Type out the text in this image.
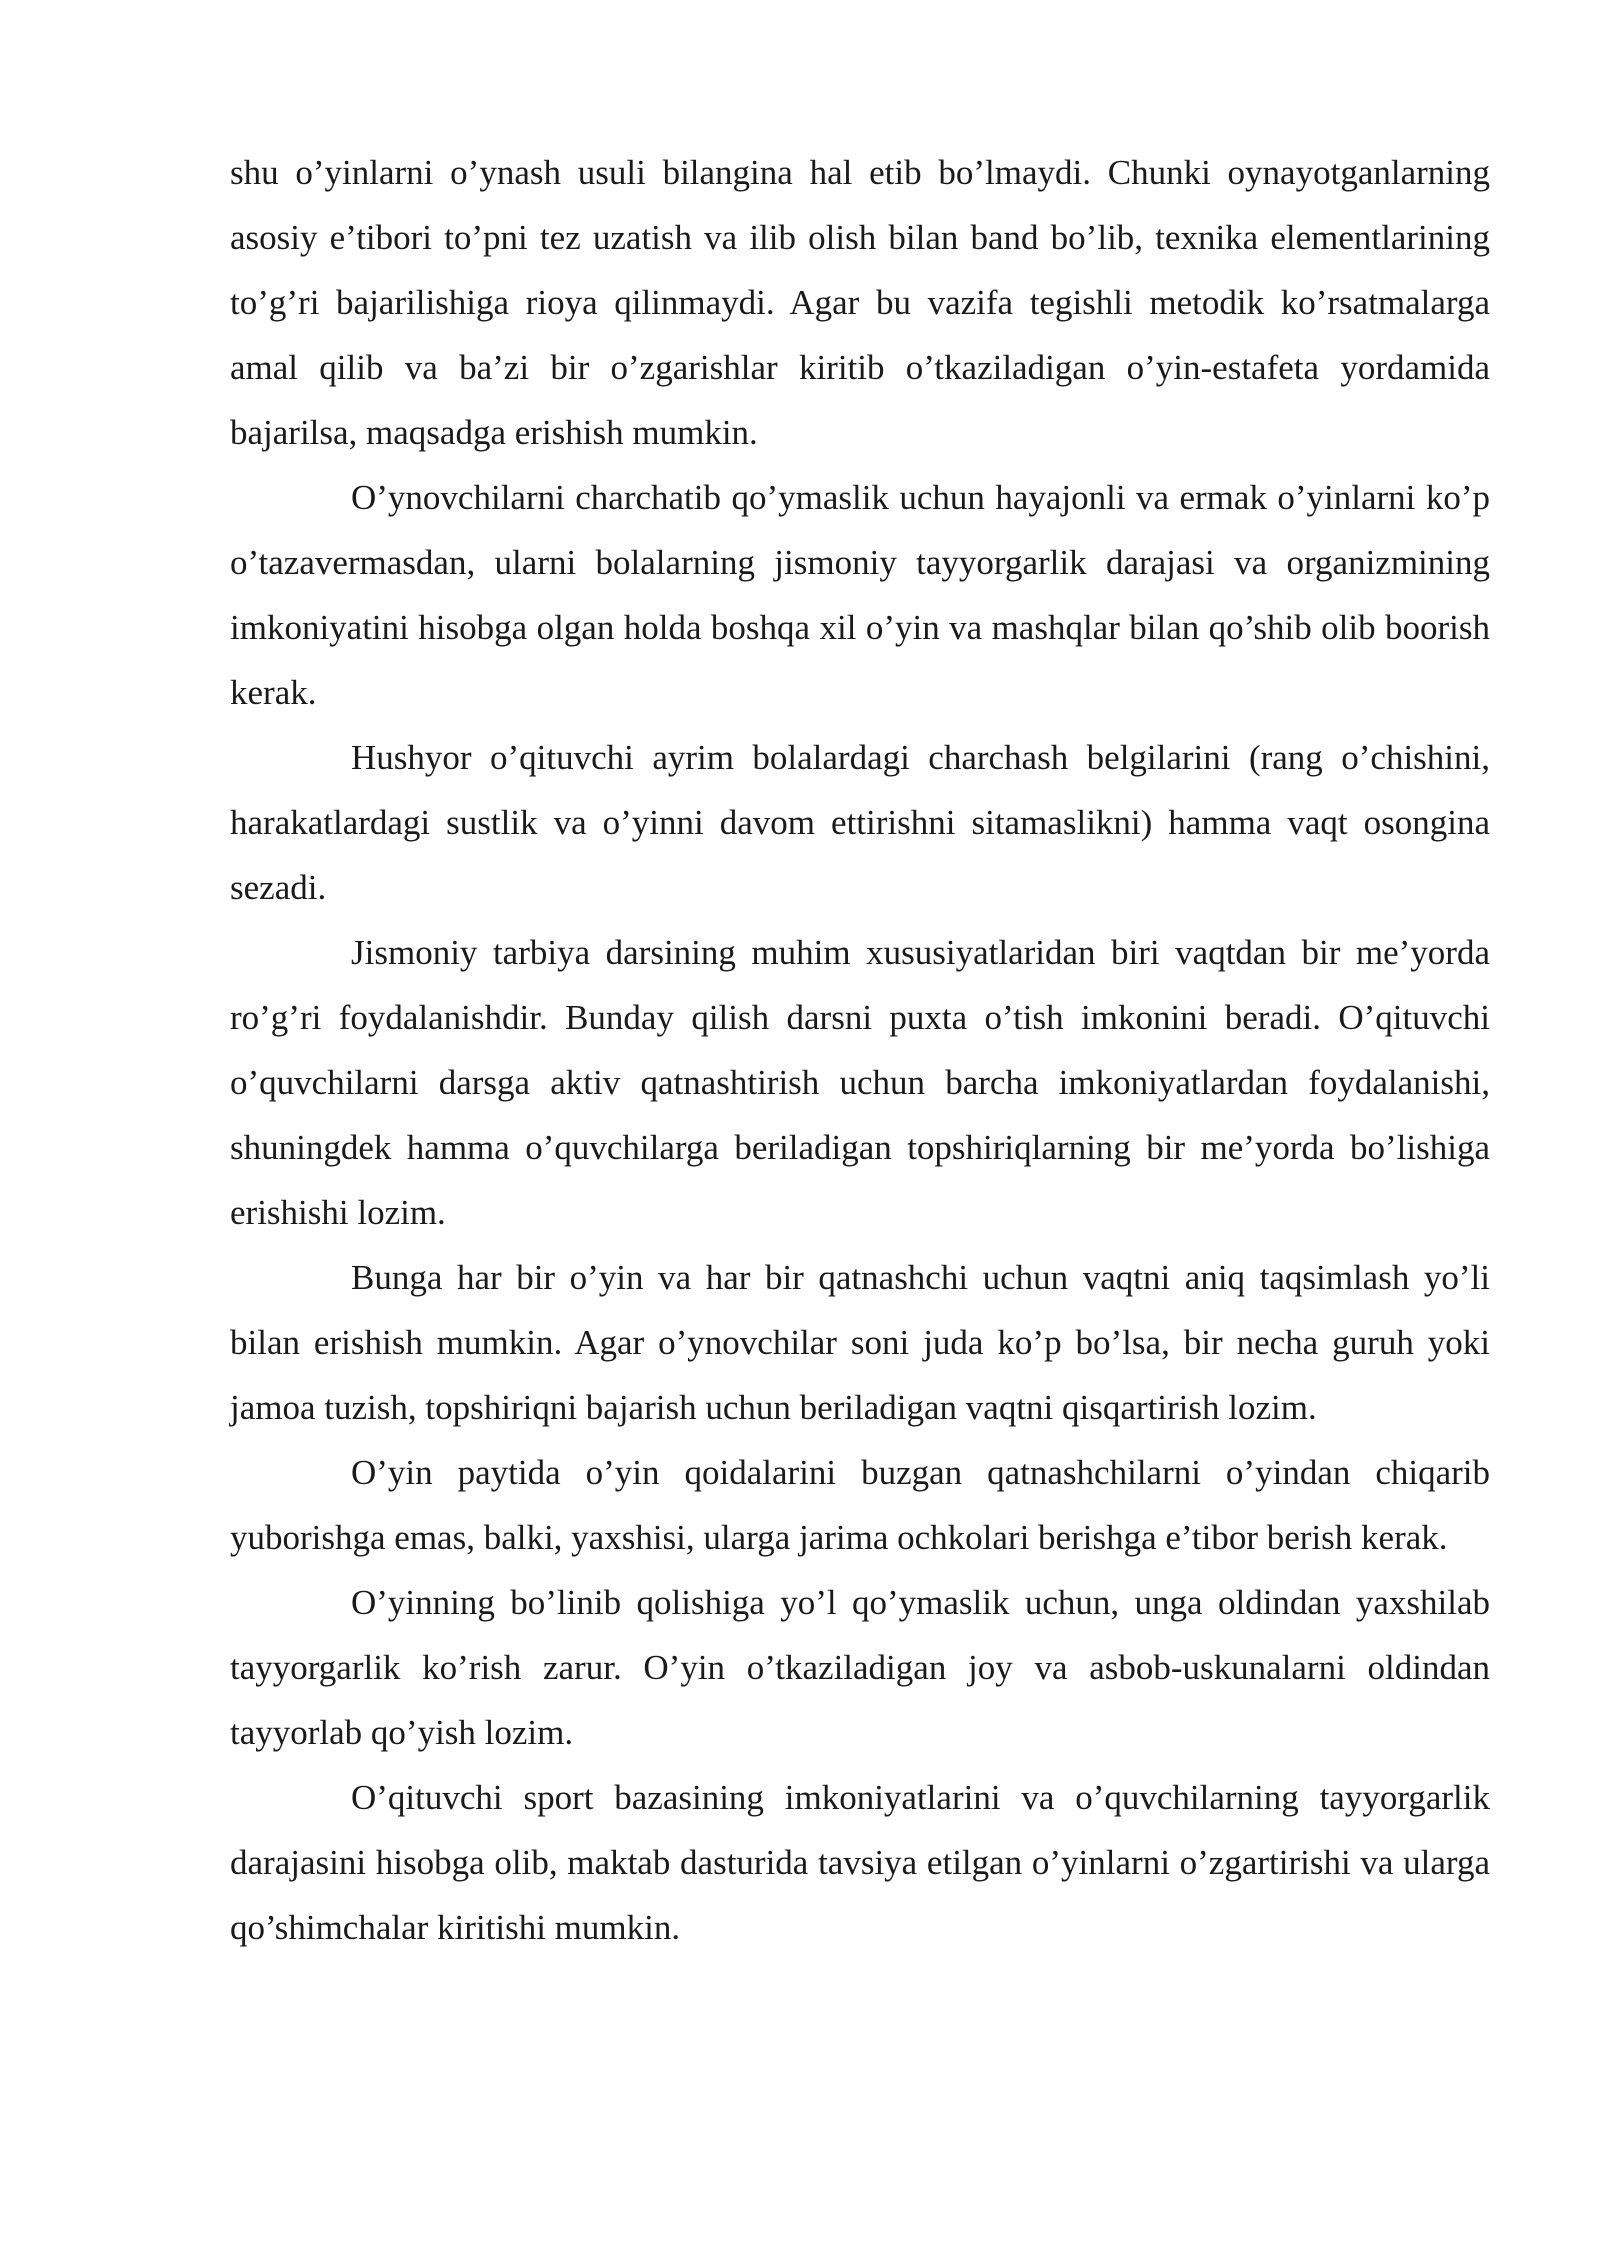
shu o’yinlarni o’ynash usuli bilangina hal etib bo’lmaydi. Chunki oynayotganlarning asosiy e’tibori to’pni tez uzatish va ilib olish bilan band bo’lib, texnika elementlarining to’g’ri bajarilishiga rioya qilinmaydi. Agar bu vazifa tegishli metodik ko’rsatmalarga amal qilib va ba’zi bir o’zgarishlar kiritib o’tkaziladigan o’yin-estafeta yordamida bajarilsa, maqsadga erishish mumkin.

O’ynovchilarni charchatib qo’ymaslik uchun hayajonli va ermak o’yinlarni ko’p o’tazavermasdan, ularni bolalarning jismoniy tayyorgarlik darajasi va organizmining imkoniyatini hisobga olgan holda boshqa xil o’yin va mashqlar bilan qo’shib olib boorish kerak.

Hushyor o’qituvchi ayrim bolalardagi charchash belgilarini (rang o’chishini, harakatlardagi sustlik va o’yinni davom ettirishni sitamaslikni) hamma vaqt osongina sezadi.

Jismoniy tarbiya darsining muhim xususiyatlaridan biri vaqtdan bir me’yorda ro’g’ri foydalanishdir. Bunday qilish darsni puxta o’tish imkonini beradi. O’qituvchi o’quvchilarni darsga aktiv qatnashtirish uchun barcha imkoniyatlardan foydalanishi, shuningdek hamma o’quvchilarga beriladigan topshiriqlarning bir me’yorda bo’lishiga erishishi lozim.

Bunga har bir o’yin va har bir qatnashchi uchun vaqtni aniq taqsimlash yo’li bilan erishish mumkin. Agar o’ynovchilar soni juda ko’p bo’lsa, bir necha guruh yoki jamoa tuzish, topshiriqni bajarish uchun beriladigan vaqtni qisqartirish lozim.

O’yin paytida o’yin qoidalarini buzgan qatnashchilarni o’yindan chiqarib yuborishga emas, balki, yaxshisi, ularga jarima ochkolari berishga e’tibor berish kerak.

O’yinning bo’linib qolishiga yo’l qo’ymaslik uchun, unga oldindan yaxshilab tayyorgarlik ko’rish zarur. O’yin o’tkaziladigan joy va asbob-uskunalarni oldindan tayyorlab qo’yish lozim.

O’qituvchi sport bazasining imkoniyatlarini va o’quvchilarning tayyorgarlik darajasini hisobga olib, maktab dasturida tavsiya etilgan o’yinlarni o’zgartirishi va ularga qo’shimchalar kiritishi mumkin.
